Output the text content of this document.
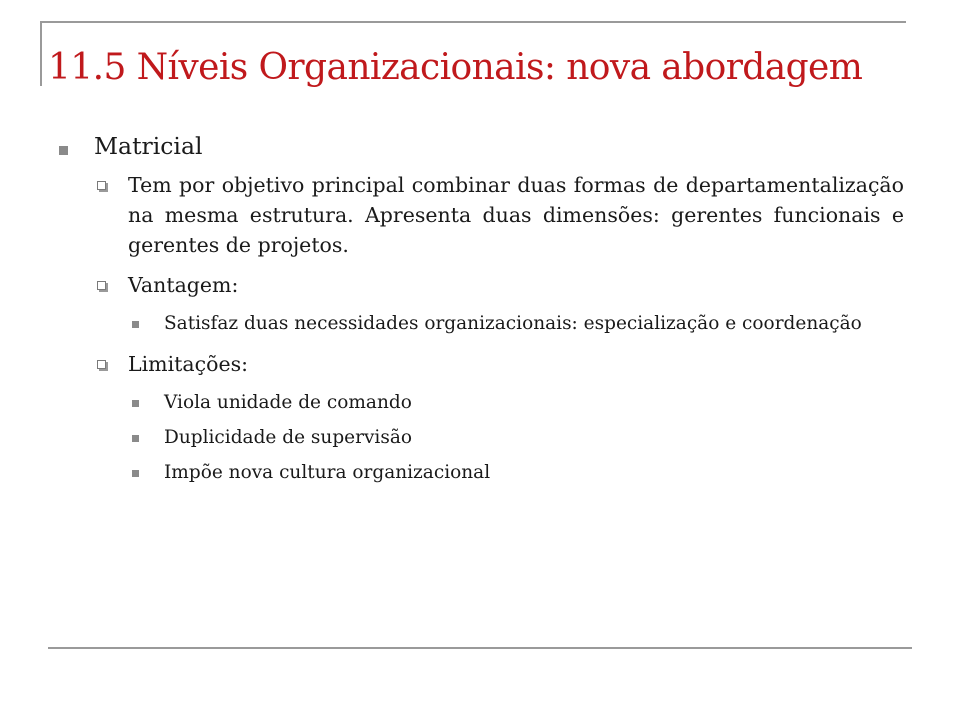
11.5 Níveis Organizacionais: nova abordagem
Matricial
Tem por objetivo principal combinar duas formas de departamentalização na mesma estrutura. Apresenta duas dimensões: gerentes funcionais e gerentes de projetos.
Vantagem:
Satisfaz duas necessidades organizacionais: especialização e coordenação
Limitações:
Viola unidade de comando
Duplicidade de supervisão
Impõe nova cultura organizacional
